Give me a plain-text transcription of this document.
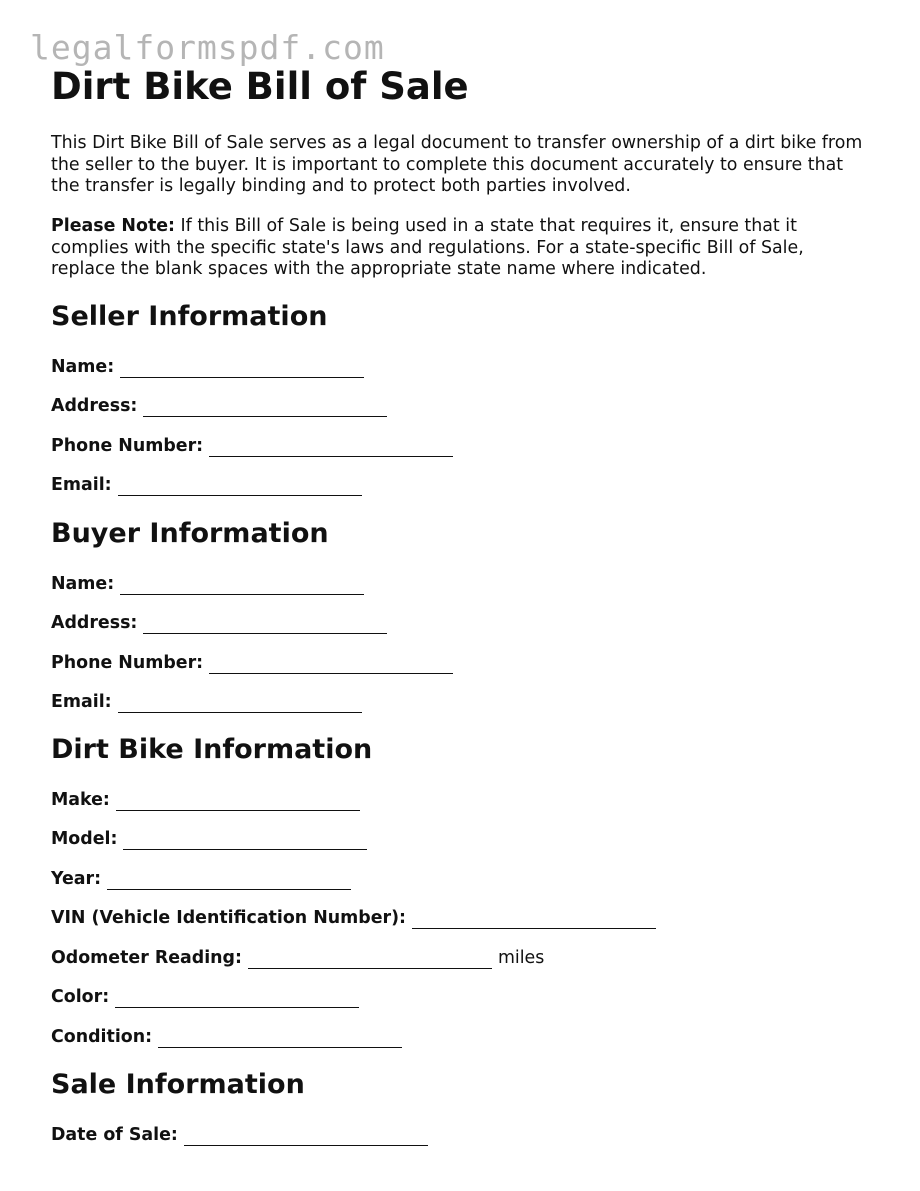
legalformspdf.com
Dirt Bike Bill of Sale

This Dirt Bike Bill of Sale serves as a legal document to transfer ownership of a dirt bike from the seller to the buyer. It is important to complete this document accurately to ensure that the transfer is legally binding and to protect both parties involved.

Please Note: If this Bill of Sale is being used in a state that requires it, ensure that it complies with the specific state's laws and regulations. For a state-specific Bill of Sale, replace the blank spaces with the appropriate state name where indicated.

Seller Information
Name:
Address:
Phone Number:
Email:
Buyer Information
Name:
Address:
Phone Number:
Email:
Dirt Bike Information
Make:
Model:
Year:
VIN (Vehicle Identification Number):
Odometer Reading:	miles
Color:
Condition:
Sale Information
Date of Sale:
